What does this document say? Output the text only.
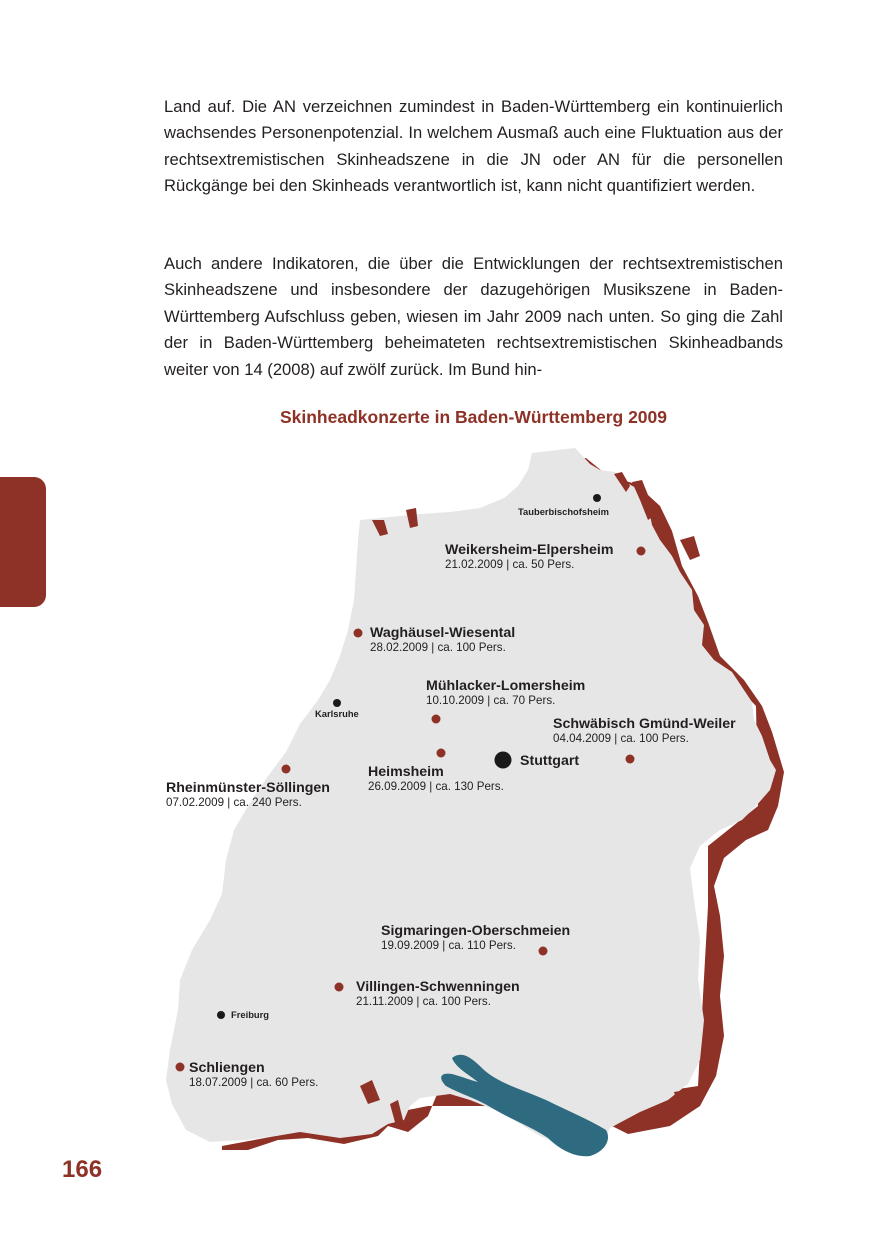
Land auf. Die AN verzeichnen zumindest in Baden-Württemberg ein kontinuierlich wachsendes Personenpotenzial. In welchem Ausmaß auch eine Fluktuation aus der rechtsextremistischen Skinheadszene in die JN oder AN für die personellen Rückgänge bei den Skinheads verantwortlich ist, kann nicht quantifiziert werden.

Auch andere Indikatoren, die über die Entwicklungen der rechtsextremistischen Skinheadszene und insbesondere der dazugehörigen Musikszene in Baden-Württemberg Aufschluss geben, wiesen im Jahr 2009 nach unten. So ging die Zahl der in Baden-Württemberg beheimateten rechtsextremistischen Skinheadbands weiter von 14 (2008) auf zwölf zurück. Im Bund hin-

Skinheadkonzerte in Baden-Württemberg 2009
Tauberbischofsheim
Karlsruhe
Stuttgart
Freiburg
Weikersheim-Elpersheim
21.02.2009 | ca. 50 Pers.
Waghäusel-Wiesental
28.02.2009 | ca. 100 Pers.
Mühlacker-Lomersheim
10.10.2009 | ca. 70 Pers.
Schwäbisch Gmünd-Weiler
04.04.2009 | ca. 100 Pers.
Heimsheim
26.09.2009 | ca. 130 Pers.
Rheinmünster-Söllingen
07.02.2009 | ca. 240 Pers.
Sigmaringen-Oberschmeien
19.09.2009 | ca. 110 Pers.
Villingen-Schwenningen
21.11.2009 | ca. 100 Pers.
Schliengen
18.07.2009 | ca. 60 Pers.
166
